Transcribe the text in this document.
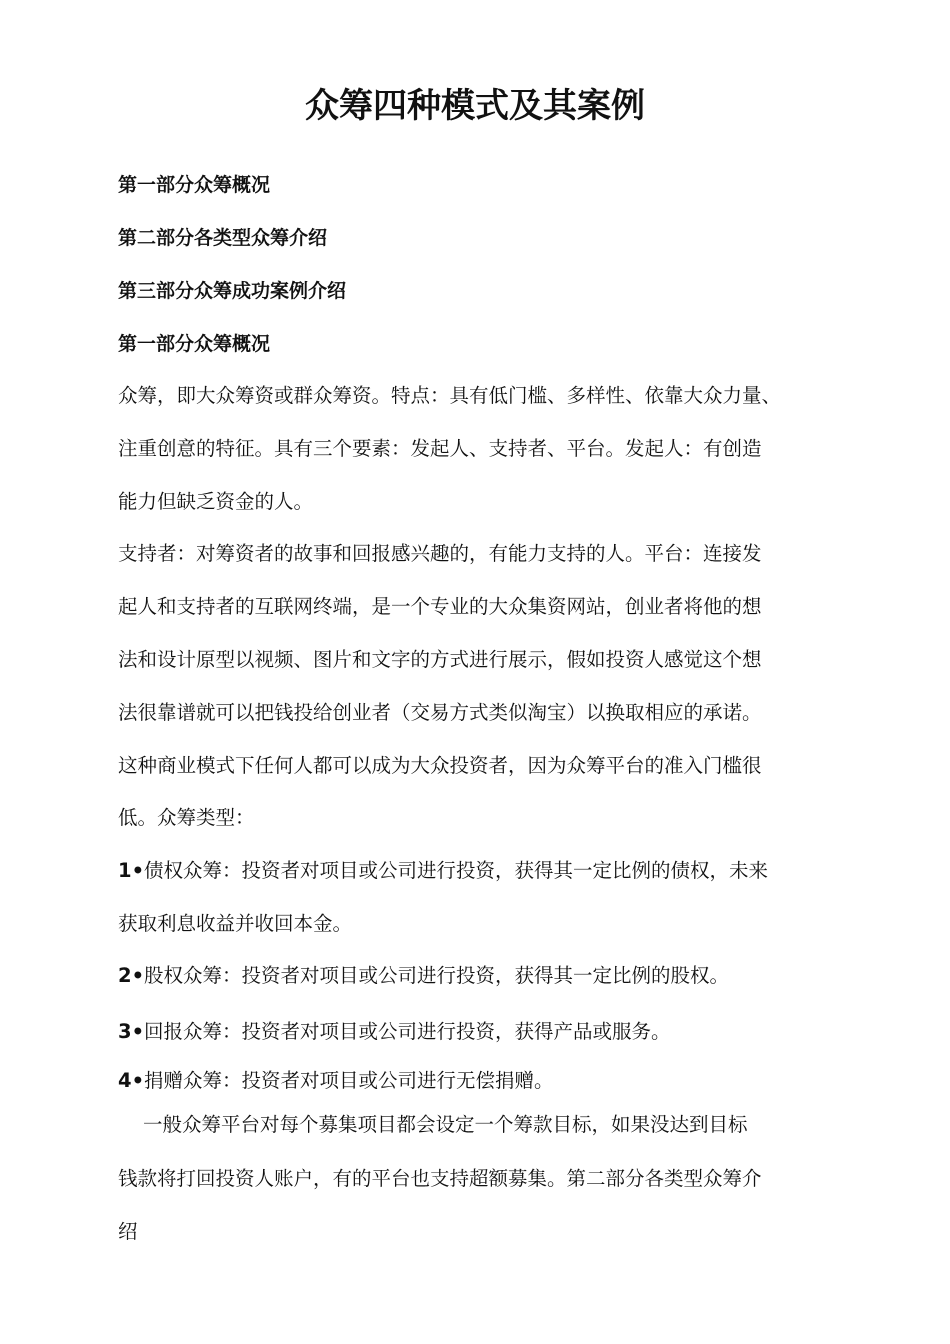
众筹四种模式及其案例
第一部分众筹概况
第二部分各类型众筹介绍
第三部分众筹成功案例介绍
第一部分众筹概况
众筹，即大众筹资或群众筹资。特点：具有低门槛、多样性、依靠大众力量、
注重创意的特征。具有三个要素：发起人、支持者、平台。发起人：有创造
能力但缺乏资金的人。
支持者：对筹资者的故事和回报感兴趣的，有能力支持的人。平台：连接发
起人和支持者的互联网终端，是一个专业的大众集资网站，创业者将他的想
法和设计原型以视频、图片和文字的方式进行展示，假如投资人感觉这个想
法很靠谱就可以把钱投给创业者（交易方式类似淘宝）以换取相应的承诺。
这种商业模式下任何人都可以成为大众投资者，因为众筹平台的准入门槛很
低。众筹类型：
1•债权众筹：投资者对项目或公司进行投资，获得其一定比例的债权，未来
获取利息收益并收回本金。
2•股权众筹：投资者对项目或公司进行投资，获得其一定比例的股权。
3•回报众筹：投资者对项目或公司进行投资，获得产品或服务。
4•捐赠众筹：投资者对项目或公司进行无偿捐赠。
一般众筹平台对每个募集项目都会设定一个筹款目标，如果没达到目标
钱款将打回投资人账户，有的平台也支持超额募集。第二部分各类型众筹介
绍
